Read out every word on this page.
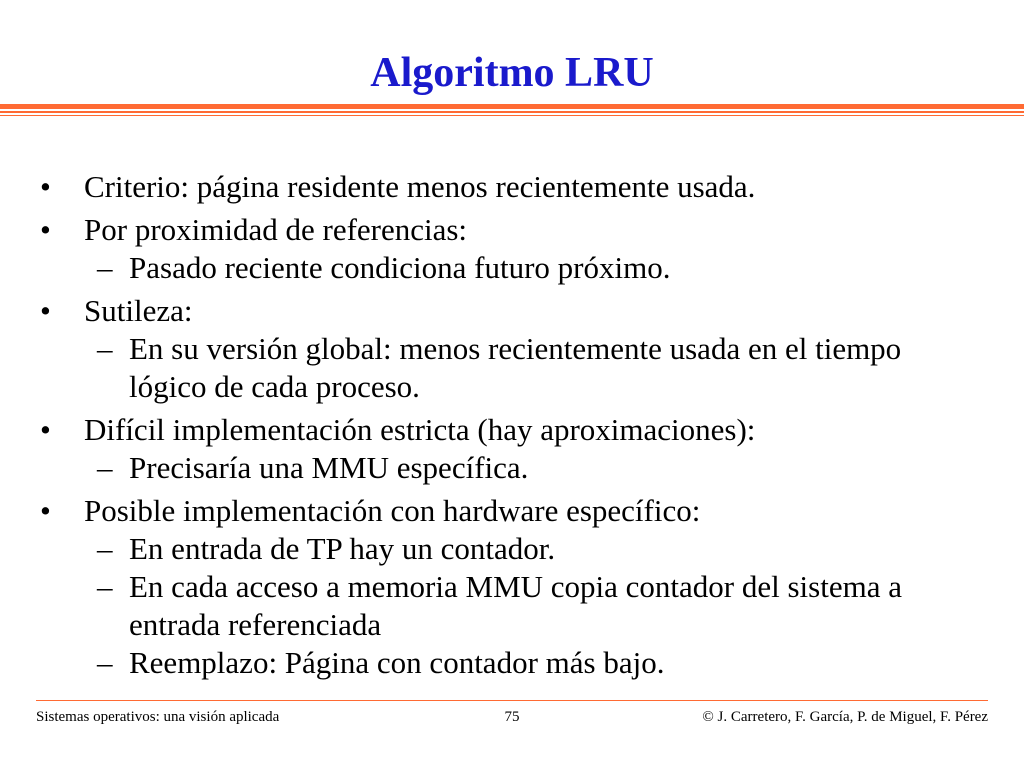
Algoritmo LRU
• Criterio: página residente menos recientemente usada.
• Por proximidad de referencias:
– Pasado reciente condiciona futuro próximo.
• Sutileza:
– En su versión global: menos recientemente usada en el tiempo lógico de cada proceso.
• Difícil implementación estricta (hay aproximaciones):
– Precisaría una MMU específica.
• Posible implementación con hardware específico:
– En entrada de TP hay un contador.
– En cada acceso a memoria MMU copia contador del sistema a entrada referenciada
– Reemplazo: Página con contador más bajo.
Sistemas operativos: una visión aplicada	75	© J. Carretero, F. García, P. de Miguel, F. Pérez
